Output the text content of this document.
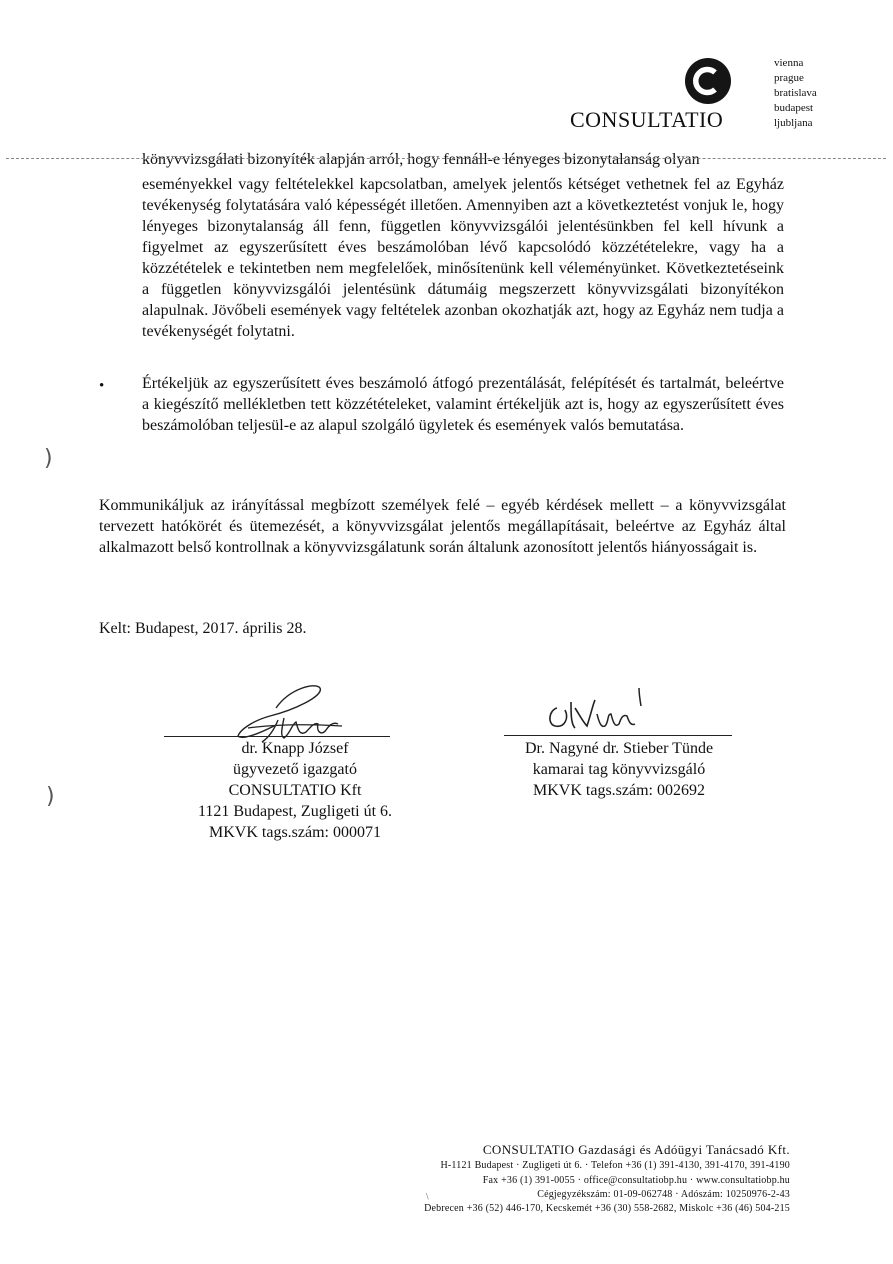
CONSULTATIO
vienna
prague
bratislava
budapest
ljubljana
könyvvizsgálati bizonyíték alapján arról, hogy fennáll-e lényeges bizonytalanság olyan
eseményekkel vagy feltételekkel kapcsolatban, amelyek jelentős kétséget vethetnek fel az Egyház tevékenység folytatására való képességét illetően. Amennyiben azt a következtetést vonjuk le, hogy lényeges bizonytalanság áll fenn, független könyvvizsgálói jelentésünkben fel kell hívunk a figyelmet az egyszerűsített éves beszámolóban lévő kapcsolódó közzétételekre, vagy ha a közzétételek e tekintetben nem megfelelőek, minősítenünk kell véleményünket. Következtetéseink a független könyvvizsgálói jelentésünk dátumáig megszerzett könyvvizsgálati bizonyítékon alapulnak. Jövőbeli események vagy feltételek azonban okozhatják azt, hogy az Egyház nem tudja a tevékenységét folytatni.
• Értékeljük az egyszerűsített éves beszámoló átfogó prezentálását, felépítését és tartalmát, beleértve a kiegészítő mellékletben tett közzétételeket, valamint értékeljük azt is, hogy az egyszerűsített éves beszámolóban teljesül-e az alapul szolgáló ügyletek és események valós bemutatása.
Kommunikáljuk az irányítással megbízott személyek felé – egyéb kérdések mellett – a könyvvizsgálat tervezett hatókörét és ütemezését, a könyvvizsgálat jelentős megállapításait, beleértve az Egyház által alkalmazott belső kontrollnak a könyvvizsgálatunk során általunk azonosított jelentős hiányosságait is.
Kelt: Budapest, 2017. április 28.
)
)
\
dr. Knapp József
ügyvezető igazgató
CONSULTATIO Kft
1121 Budapest, Zugligeti út 6.
MKVK tags.szám: 000071
Dr. Nagyné dr. Stieber Tünde
kamarai tag könyvvizsgáló
MKVK tags.szám: 002692
CONSULTATIO Gazdasági és Adóügyi Tanácsadó Kft.
H-1121 Budapest · Zugligeti út 6. · Telefon +36 (1) 391-4130, 391-4170, 391-4190
Fax +36 (1) 391-0055 · office@consultatiobp.hu · www.consultatiobp.hu
Cégjegyzékszám: 01-09-062748 · Adószám: 10250976-2-43
Debrecen +36 (52) 446-170, Kecskemét +36 (30) 558-2682, Miskolc +36 (46) 504-215
